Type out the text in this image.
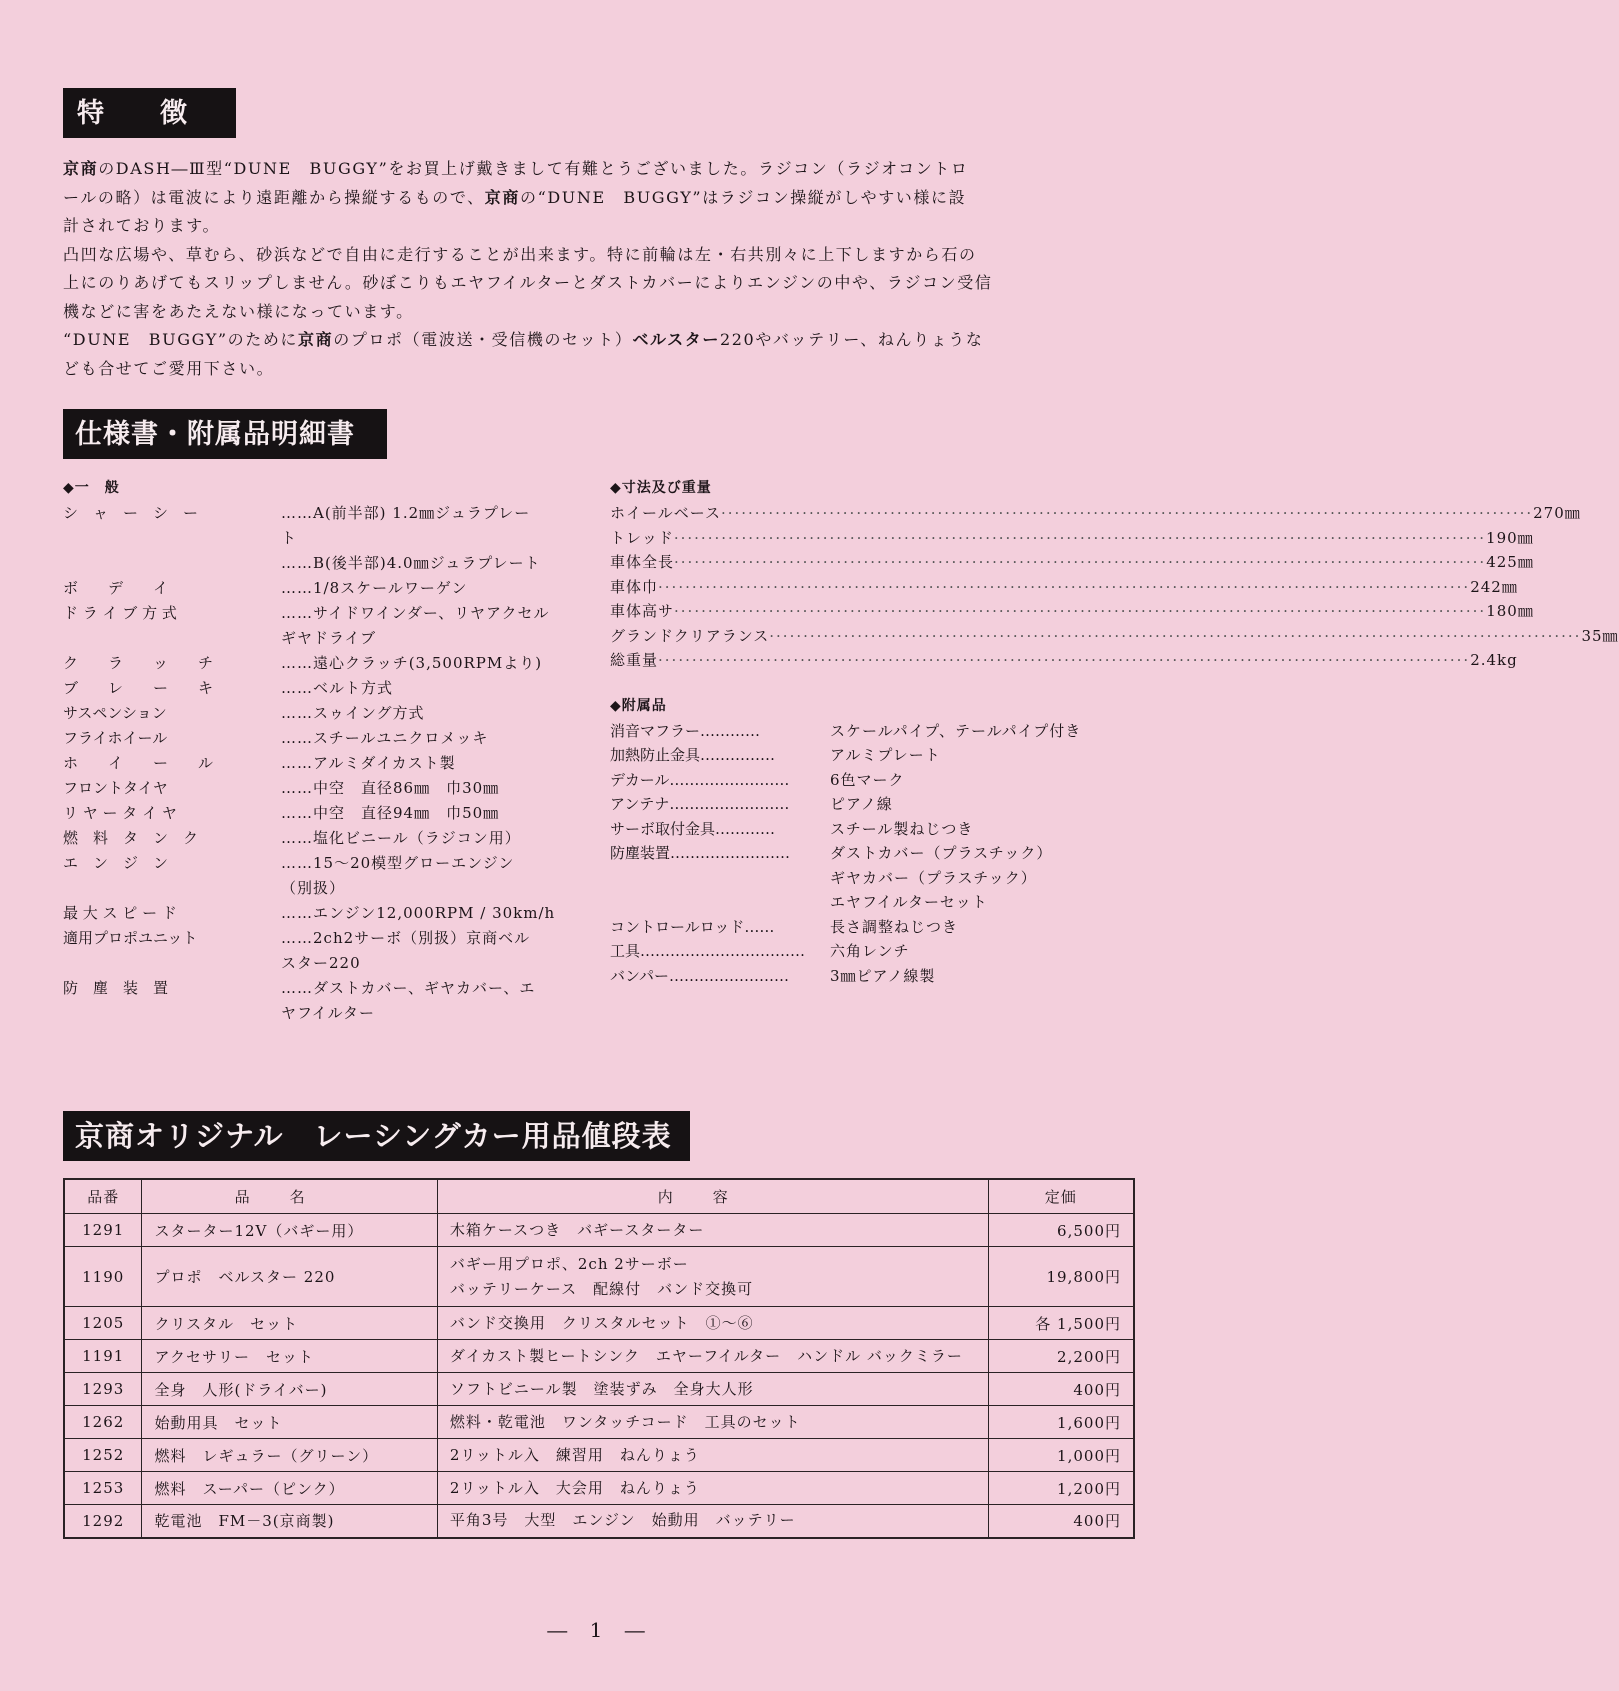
特 徴

京商のDASH―Ⅲ型“DUNE　BUGGY”をお買上げ戴きまして有難とうございました。ラジコン（ラジオコントロ

ールの略）は電波により遠距離から操縦するもので、京商の“DUNE　BUGGY”はラジコン操縦がしやすい様に設

計されております。

凸凹な広場や、草むら、砂浜などで自由に走行することが出来ます。特に前輪は左・右共別々に上下しますから石の

上にのりあげてもスリップしません。砂ぼこりもエヤフイルターとダストカバーによりエンジンの中や、ラジコン受信

機などに害をあたえない様になっています。

“DUNE　BUGGY”のために京商のプロポ（電波送・受信機のセット）ベルスター220やバッテリー、ねんりょうな

ども合せてご愛用下さい。

仕様書・附属品明細書
◆一　般
シ　ャ　ー　シ　ー	……A(前半部) 1.2㎜ジュラプレー
ト
……B(後半部)4.0㎜ジュラプレート
ボ　　デ　　イ	……1/8スケールワーゲン
ド ラ イ ブ 方 式	……サイドワインダー、リヤアクセル
ギヤドライブ
ク　　ラ　　ッ　　チ	……遠心クラッチ(3,500RPMより)
ブ　　レ　　ー　　キ	……ベルト方式
サスペンション	……スゥイング方式
フライホイール	……スチールユニクロメッキ
ホ　　イ　　ー　　ル	……アルミダイカスト製
フロントタイヤ	……中空　直径86㎜　巾30㎜
リ ヤ ー タ イ ヤ	……中空　直径94㎜　巾50㎜
燃　料　タ　ン　ク	……塩化ビニール（ラジコン用）
エ　ン　ジ　ン	……15～20模型グローエンジン
（別扱）
最 大 ス ピ ー ド	……エンジン12,000RPM / 30km/h
適用プロポユニット	……2ch2サーボ（別扱）京商ベル
スター220
防　塵　装　置	……ダストカバー、ギヤカバー、エ
ヤフイルター
◆寸法及び重量
ホイールベース ························································································································ 270㎜
トレッド ························································································································ 190㎜
車体全長 ························································································································ 425㎜
車体巾 ························································································································ 242㎜
車体高サ ························································································································ 180㎜
グランドクリアランス ························································································································ 35㎜
総重量 ························································································································ 2.4kg
◆附属品
消音マフラー…………	スケールパイプ、テールパイプ付き
加熱防止金具……………	アルミプレート
デカール……………………	6色マーク
アンテナ……………………	ピアノ線
サーボ取付金具…………	スチール製ねじつき
防塵装置……………………	ダストカバー（プラスチック）
ギヤカバー（プラスチック）
エヤフイルターセット
コントロールロッド……	長さ調整ねじつき
工具……………………………	六角レンチ
バンパー……………………	3㎜ピアノ線製
京商オリジナル　レーシングカー用品値段表
品番	品名	内容	定価
1291	スターター12V（バギー用）	木箱ケースつき　バギースターター	6,500円
1190	プロポ　ベルスター 220	バギー用プロポ、2ch 2サーボー
バッテリーケース　配線付　バンド交換可	19,800円
1205	クリスタル　セット	バンド交換用　クリスタルセット　①～⑥	各 1,500円
1191	アクセサリー　セット	ダイカスト製ヒートシンク　エヤーフイルター　ハンドル バックミラー	2,200円
1293	全身　人形(ドライバー)	ソフトビニール製　塗装ずみ　全身大人形	400円
1262	始動用具　セット	燃料・乾電池　ワンタッチコード　工具のセット	1,600円
1252	燃料　レギュラー（グリーン）	2リットル入　練習用　ねんりょう	1,000円
1253	燃料　スーパー（ピンク）	2リットル入　大会用　ねんりょう	1,200円
1292	乾電池　FM－3(京商製)	平角3号　大型　エンジン　始動用　バッテリー	400円
― 1 ―
